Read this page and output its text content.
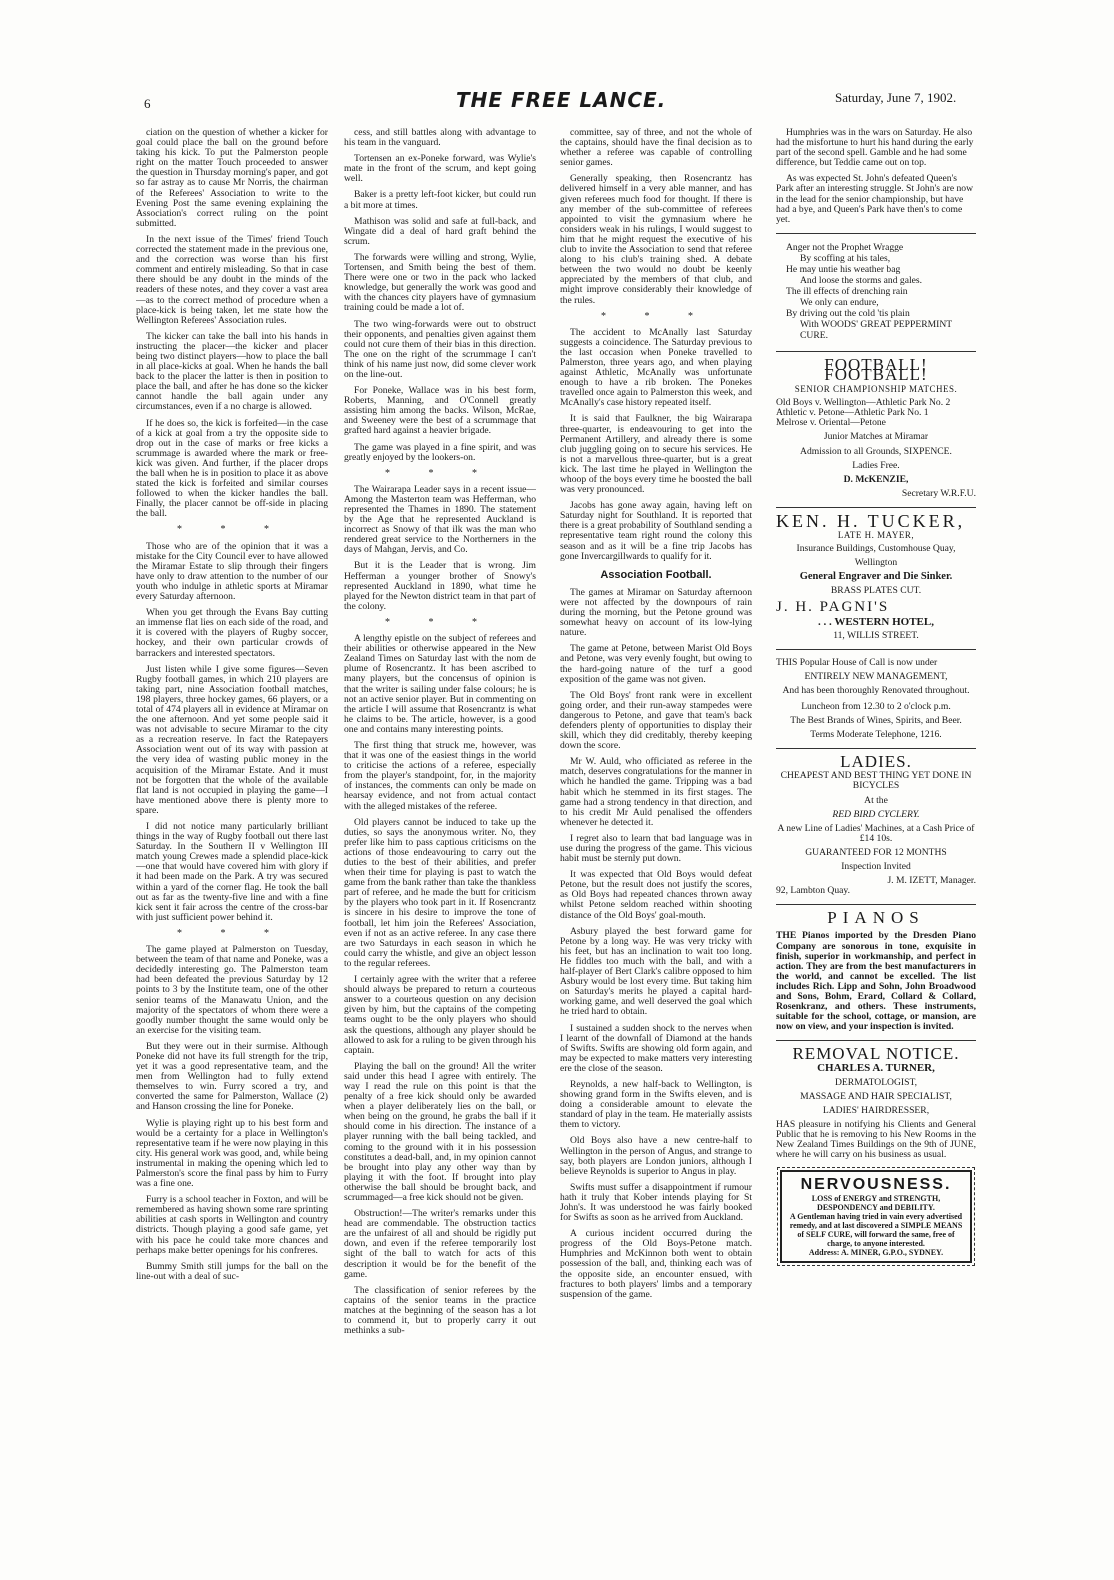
6	THE FREE LANCE.	Saturday, June 7, 1902.

ciation on the question of whether a kicker for goal could place the ball on the ground before taking his kick. To put the Palmerston people right on the matter Touch proceeded to answer the question in Thursday morning's paper, and got so far astray as to cause Mr Norris, the chairman of the Referees' Association to write to the Evening Post the same evening explaining the Association's correct ruling on the point submitted.

In the next issue of the Times' friend Touch corrected the statement made in the previous one, and the correction was worse than his first comment and entirely misleading. So that in case there should be any doubt in the minds of the readers of these notes, and they cover a vast area—as to the correct method of procedure when a place-kick is being taken, let me state how the Wellington Referees' Association rules.

The kicker can take the ball into his hands in instructing the placer—the kicker and placer being two distinct players—how to place the ball in all place-kicks at goal. When he hands the ball back to the placer the latter is then in position to place the ball, and after he has done so the kicker cannot handle the ball again under any circumstances, even if a no charge is allowed.

If he does so, the kick is forfeited—in the case of a kick at goal from a try the opposite side to drop out in the case of marks or free kicks a scrummage is awarded where the mark or free-kick was given. And further, if the placer drops the ball when he is in position to place it as above stated the kick is forfeited and similar courses followed to when the kicker handles the ball. Finally, the placer cannot be off-side in placing the ball.

* * *

Those who are of the opinion that it was a mistake for the City Council ever to have allowed the Miramar Estate to slip through their fingers have only to draw attention to the number of our youth who indulge in athletic sports at Miramar every Saturday afternoon.

When you get through the Evans Bay cutting an immense flat lies on each side of the road, and it is covered with the players of Rugby soccer, hockey, and their own particular crowds of barrackers and interested spectators.

Just listen while I give some figures—Seven Rugby football games, in which 210 players are taking part, nine Association football matches, 198 players, three hockey games, 66 players, or a total of 474 players all in evidence at Miramar on the one afternoon. And yet some people said it was not advisable to secure Miramar to the city as a recreation reserve. In fact the Ratepayers Association went out of its way with passion at the very idea of wasting public money in the acquisition of the Miramar Estate. And it must not be forgotten that the whole of the available flat land is not occupied in playing the game—I have mentioned above there is plenty more to spare.

I did not notice many particularly brilliant things in the way of Rugby football out there last Saturday. In the Southern II v Wellington III match young Crewes made a splendid place-kick—one that would have covered him with glory if it had been made on the Park. A try was secured within a yard of the corner flag. He took the ball out as far as the twenty-five line and with a fine kick sent it fair across the centre of the cross-bar with just sufficient power behind it.

* * *

The game played at Palmerston on Tuesday, between the team of that name and Poneke, was a decidedly interesting go. The Palmerston team had been defeated the previous Saturday by 12 points to 3 by the Institute team, one of the other senior teams of the Manawatu Union, and the majority of the spectators of whom there were a goodly number thought the same would only be an exercise for the visiting team.

But they were out in their surmise. Although Poneke did not have its full strength for the trip, yet it was a good representative team, and the men from Wellington had to fully extend themselves to win. Furry scored a try, and converted the same for Palmerston, Wallace (2) and Hanson crossing the line for Poneke.

Wylie is playing right up to his best form and would be a certainty for a place in Wellington's representative team if he were now playing in this city. His general work was good, and, while being instrumental in making the opening which led to Palmerston's score the final pass by him to Furry was a fine one.

Furry is a school teacher in Foxton, and will be remembered as having shown some rare sprinting abilities at cash sports in Wellington and country districts. Though playing a good safe game, yet with his pace he could take more chances and perhaps make better openings for his confreres.

Bummy Smith still jumps for the ball on the line-out with a deal of suc-

cess, and still battles along with advantage to his team in the vanguard.

Tortensen an ex-Poneke forward, was Wylie's mate in the front of the scrum, and kept going well.

Baker is a pretty left-foot kicker, but could run a bit more at times.

Mathison was solid and safe at full-back, and Wingate did a deal of hard graft behind the scrum.

The forwards were willing and strong, Wylie, Tortensen, and Smith being the best of them. There were one or two in the pack who lacked knowledge, but generally the work was good and with the chances city players have of gymnasium training could be made a lot of.

The two wing-forwards were out to obstruct their opponents, and penalties given against them could not cure them of their bias in this direction. The one on the right of the scrummage I can't think of his name just now, did some clever work on the line-out.

For Poneke, Wallace was in his best form, Roberts, Manning, and O'Connell greatly assisting him among the backs. Wilson, McRae, and Sweeney were the best of a scrummage that grafted hard against a heavier brigade.

The game was played in a fine spirit, and was greatly enjoyed by the lookers-on.

* * *

The Wairarapa Leader says in a recent issue—Among the Masterton team was Hefferman, who represented the Thames in 1890. The statement by the Age that he represented Auckland is incorrect as Snowy of that ilk was the man who rendered great service to the Northerners in the days of Mahgan, Jervis, and Co.

But it is the Leader that is wrong. Jim Hefferman a younger brother of Snowy's represented Auckland in 1890, what time he played for the Newton district team in that part of the colony.

* * *

A lengthy epistle on the subject of referees and their abilities or otherwise appeared in the New Zealand Times on Saturday last with the nom de plume of Rosencrantz. It has been ascribed to many players, but the concensus of opinion is that the writer is sailing under false colours; he is not an active senior player. But in commenting on the article I will assume that Rosencrantz is what he claims to be. The article, however, is a good one and contains many interesting points.

The first thing that struck me, however, was that it was one of the easiest things in the world to criticise the actions of a referee, especially from the player's standpoint, for, in the majority of instances, the comments can only be made on hearsay evidence, and not from actual contact with the alleged mistakes of the referee.

Old players cannot be induced to take up the duties, so says the anonymous writer. No, they prefer like him to pass captious criticisms on the actions of those endeavouring to carry out the duties to the best of their abilities, and prefer when their time for playing is past to watch the game from the bank rather than take the thankless part of referee, and he made the butt for criticism by the players who took part in it. If Rosencrantz is sincere in his desire to improve the tone of football, let him join the Referees' Association, even if not as an active referee. In any case there are two Saturdays in each season in which he could carry the whistle, and give an object lesson to the regular referees.

I certainly agree with the writer that a referee should always be prepared to return a courteous answer to a courteous question on any decision given by him, but the captains of the competing teams ought to be the only players who should ask the questions, although any player should be allowed to ask for a ruling to be given through his captain.

Playing the ball on the ground! All the writer said under this head I agree with entirely. The way I read the rule on this point is that the penalty of a free kick should only be awarded when a player deliberately lies on the ball, or when being on the ground, he grabs the ball if it should come in his direction. The instance of a player running with the ball being tackled, and coming to the ground with it in his possession constitutes a dead-ball, and, in my opinion cannot be brought into play any other way than by playing it with the foot. If brought into play otherwise the ball should be brought back, and scrummaged—a free kick should not be given.

Obstruction!—The writer's remarks under this head are commendable. The obstruction tactics are the unfairest of all and should be rigidly put down, and even if the referee temporarily lost sight of the ball to watch for acts of this description it would be for the benefit of the game.

The classification of senior referees by the captains of the senior teams in the practice matches at the beginning of the season has a lot to commend it, but to properly carry it out methinks a sub-

committee, say of three, and not the whole of the captains, should have the final decision as to whether a referee was capable of controlling senior games.

Generally speaking, then Rosencrantz has delivered himself in a very able manner, and has given referees much food for thought. If there is any member of the sub-committee of referees appointed to visit the gymnasium where he considers weak in his rulings, I would suggest to him that he might request the executive of his club to invite the Association to send that referee along to his club's training shed. A debate between the two would no doubt be keenly appreciated by the members of that club, and might improve considerably their knowledge of the rules.

* * *

The accident to McAnally last Saturday suggests a coincidence. The Saturday previous to the last occasion when Poneke travelled to Palmerston, three years ago, and when playing against Athletic, McAnally was unfortunate enough to have a rib broken. The Ponekes travelled once again to Palmerston this week, and McAnally's case history repeated itself.

It is said that Faulkner, the big Wairarapa three-quarter, is endeavouring to get into the Permanent Artillery, and already there is some club juggling going on to secure his services. He is not a marvellous three-quarter, but is a great kick. The last time he played in Wellington the whoop of the boys every time he boosted the ball was very pronounced.

Jacobs has gone away again, having left on Saturday night for Southland. It is reported that there is a great probability of Southland sending a representative team right round the colony this season and as it will be a fine trip Jacobs has gone Invercargillwards to qualify for it.

Association Football.

The games at Miramar on Saturday afternoon were not affected by the downpours of rain during the morning, but the Petone ground was somewhat heavy on account of its low-lying nature.

The game at Petone, between Marist Old Boys and Petone, was very evenly fought, but owing to the hard-going nature of the turf a good exposition of the game was not given.

The Old Boys' front rank were in excellent going order, and their run-away stampedes were dangerous to Petone, and gave that team's back defenders plenty of opportunities to display their skill, which they did creditably, thereby keeping down the score.

Mr W. Auld, who officiated as referee in the match, deserves congratulations for the manner in which he handled the game. Tripping was a bad habit which he stemmed in its first stages. The game had a strong tendency in that direction, and to his credit Mr Auld penalised the offenders whenever he detected it.

I regret also to learn that bad language was in use during the progress of the game. This vicious habit must be sternly put down.

It was expected that Old Boys would defeat Petone, but the result does not justify the scores, as Old Boys had repeated chances thrown away whilst Petone seldom reached within shooting distance of the Old Boys' goal-mouth.

Asbury played the best forward game for Petone by a long way. He was very tricky with his feet, but has an inclination to wait too long. He fiddles too much with the ball, and with a half-player of Bert Clark's calibre opposed to him Asbury would be lost every time. But taking him on Saturday's merits he played a capital hard-working game, and well deserved the goal which he tried hard to obtain.

I sustained a sudden shock to the nerves when I learnt of the downfall of Diamond at the hands of Swifts. Swifts are showing old form again, and may be expected to make matters very interesting ere the close of the season.

Reynolds, a new half-back to Wellington, is showing grand form in the Swifts eleven, and is doing a considerable amount to elevate the standard of play in the team. He materially assists them to victory.

Old Boys also have a new centre-half to Wellington in the person of Angus, and strange to say, both players are London juniors, although I believe Reynolds is superior to Angus in play.

Swifts must suffer a disappointment if rumour hath it truly that Kober intends playing for St John's. It was understood he was fairly booked for Swifts as soon as he arrived from Auckland.

A curious incident occurred during the progress of the Old Boys-Petone match. Humphries and McKinnon both went to obtain possession of the ball, and, thinking each was of the opposite side, an encounter ensued, with fractures to both players' limbs and a temporary suspension of the game.

Humphries was in the wars on Saturday. He also had the misfortune to hurt his hand during the early part of the second spell. Gamble and he had some difference, but Teddie came out on top.

As was expected St. John's defeated Queen's Park after an interesting struggle. St John's are now in the lead for the senior championship, but have had a bye, and Queen's Park have then's to come yet.

Anger not the Prophet Wragge
By scoffing at his tales,
He may untie his weather bag
And loose the storms and gales.
The ill effects of drenching rain
We only can endure,
By driving out the cold 'tis plain
With WOODS' GREAT PEPPERMINT CURE.
FOOTBALL! FOOTBALL!
SENIOR CHAMPIONSHIP MATCHES.
Old Boys v. Wellington—Athletic Park No. 2
Athletic v. Petone—Athletic Park No. 1
Melrose v. Oriental—Petone
Junior Matches at Miramar
Admission to all Grounds, SIXPENCE.
Ladies Free.
D. McKENZIE,
Secretary W.R.F.U.
KEN. H. TUCKER,
LATE H. MAYER,
Insurance Buildings, Customhouse Quay,
Wellington
General Engraver and Die Sinker.
BRASS PLATES CUT.
J. H. PAGNI'S
. . . WESTERN HOTEL,
11, WILLIS STREET.
THIS Popular House of Call is now under
ENTIRELY NEW MANAGEMENT,
And has been thoroughly Renovated throughout.
Luncheon from 12.30 to 2 o'clock p.m.
The Best Brands of Wines, Spirits, and Beer.
Terms Moderate Telephone, 1216.
LADIES.
CHEAPEST AND BEST THING YET DONE IN BICYCLES
At the
RED BIRD CYCLERY.
A new Line of Ladies' Machines, at a Cash Price of £14 10s.
GUARANTEED FOR 12 MONTHS
Inspection Invited
J. M. IZETT, Manager.
92, Lambton Quay.
PIANOS
THE Pianos imported by the Dresden Piano Company are sonorous in tone, exquisite in finish, superior in workmanship, and perfect in action. They are from the best manufacturers in the world, and cannot be excelled. The list includes Rich. Lipp and Sohn, John Broadwood and Sons, Bohm, Erard, Collard & Collard, Rosenkranz, and others. These instruments, suitable for the school, cottage, or mansion, are now on view, and your inspection is invited.
REMOVAL NOTICE.
CHARLES A. TURNER,
DERMATOLOGIST,
MASSAGE AND HAIR SPECIALIST,
LADIES' HAIRDRESSER,
HAS pleasure in notifying his Clients and General Public that he is removing to his New Rooms in the New Zealand Times Buildings on the 9th of JUNE, where he will carry on his business as usual.
NERVOUSNESS.
LOSS of ENERGY and STRENGTH, DESPONDENCY and DEBILITY.
A Gentleman having tried in vain every advertised remedy, and at last discovered a SIMPLE MEANS of SELF CURE, will forward the same, free of charge, to anyone interested.
Address: A. MINER, G.P.O., SYDNEY.
